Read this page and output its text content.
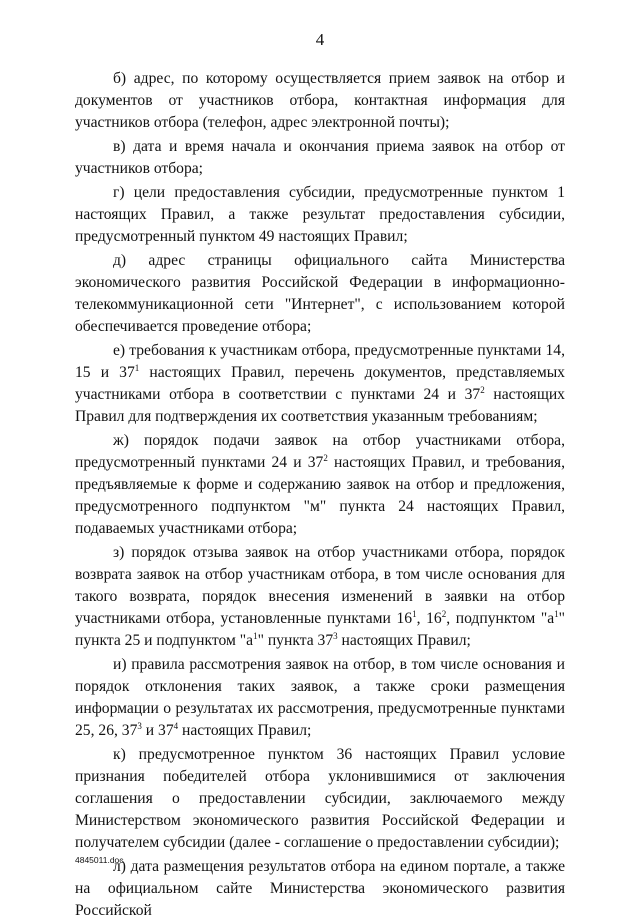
4

б) адрес, по которому осуществляется прием заявок на отбор и документов от участников отбора, контактная информация для участников отбора (телефон, адрес электронной почты);

в) дата и время начала и окончания приема заявок на отбор от участников отбора;

г) цели предоставления субсидии, предусмотренные пунктом 1 настоящих Правил, а также результат предоставления субсидии, предусмотренный пунктом 49 настоящих Правил;

д) адрес страницы официального сайта Министерства экономического развития Российской Федерации в информационно-телекоммуникационной сети "Интернет", с использованием которой обеспечивается проведение отбора;

е) требования к участникам отбора, предусмотренные пунктами 14, 15 и $37^1$ настоящих Правил, перечень документов, представляемых участниками отбора в соответствии с пунктами 24 и $37^2$ настоящих Правил для подтверждения их соответствия указанным требованиям;

ж) порядок подачи заявок на отбор участниками отбора, предусмотренный пунктами 24 и $37^2$ настоящих Правил, и требования, предъявляемые к форме и содержанию заявок на отбор и предложения, предусмотренного подпунктом "м" пункта 24 настоящих Правил, подаваемых участниками отбора;

з) порядок отзыва заявок на отбор участниками отбора, порядок возврата заявок на отбор участникам отбора, в том числе основания для такого возврата, порядок внесения изменений в заявки на отбор участниками отбора, установленные пунктами $16^1$, $16^2$, подпунктом "$а^1$" пункта 25 и подпунктом "$а^1$" пункта $37^3$ настоящих Правил;

и) правила рассмотрения заявок на отбор, в том числе основания и порядок отклонения таких заявок, а также сроки размещения информации о результатах их рассмотрения, предусмотренные пунктами 25, 26, $37^3$ и $37^4$ настоящих Правил;

к) предусмотренное пунктом 36 настоящих Правил условие признания победителей отбора уклонившимися от заключения соглашения о предоставлении субсидии, заключаемого между Министерством экономического развития Российской Федерации и получателем субсидии (далее - соглашение о предоставлении субсидии);

л) дата размещения результатов отбора на едином портале, а также на официальном сайте Министерства экономического развития Российской

4845011.doc
